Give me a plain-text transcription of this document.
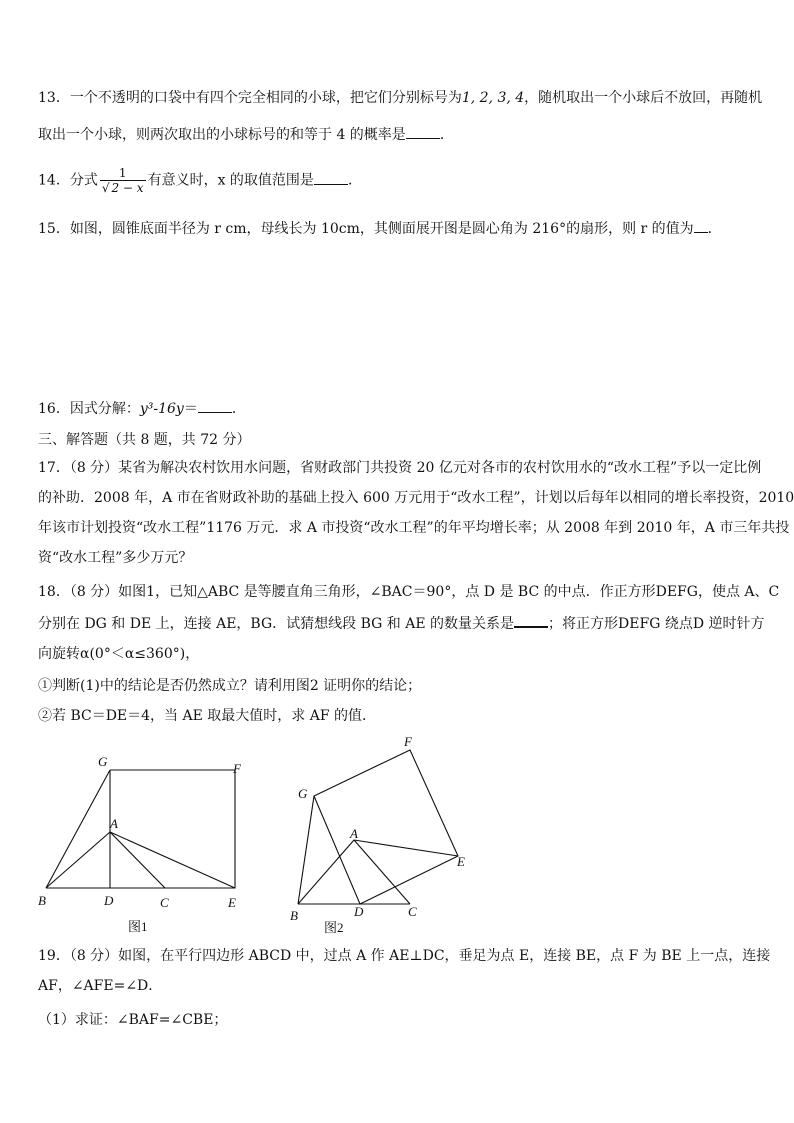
13．一个不透明的口袋中有四个完全相同的小球，把它们分别标号为1, 2, 3, 4，随机取出一个小球后不放回，再随机
取出一个小球，则两次取出的小球标号的和等于 4 的概率是 ．
14．分式 $\frac{1}{√ 2 - x}$ 有意义时，x 的取值范围是 ．
15．如图，圆锥底面半径为 r cm，母线长为 10cm，其侧面展开图是圆心角为 216°的扇形，则 r 的值为 ．
16．因式分解：y³-16y＝ ．
三、解答题（共 8 题，共 72 分）
17．（8 分）某省为解决农村饮用水问题，省财政部门共投资 20 亿元对各市的农村饮用水的“改水工程”予以一定比例
的补助．2008 年，A 市在省财政补助的基础上投入 600 万元用于“改水工程”，计划以后每年以相同的增长率投资，2010
年该市计划投资“改水工程”1176 万元．求 A 市投资“改水工程”的年平均增长率；从 2008 年到 2010 年，A 市三年共投
资“改水工程”多少万元？
18．（8 分）如图1，已知△ABC 是等腰直角三角形，∠BAC＝90°，点 D 是 BC 的中点．作正方形DEFG，使点 A、C
分别在 DG 和 DE 上，连接 AE，BG．试猜想线段 BG 和 AE 的数量关系是 ；将正方形DEFG 绕点D 逆时针方
向旋转α(0°＜α≤360°)，
①判断(1)中的结论是否仍然成立？请利用图2 证明你的结论；
②若 BC＝DE＝4，当 AE 取最大值时，求 AF 的值．
G	F
A
B	D	C	E
图1
F
G
A
E
B	D	C
图2
19．（8 分）如图，在平行四边形 ABCD 中，过点 A 作 AE⊥DC，垂足为点 E，连接 BE，点 F 为 BE 上一点，连接
AF，∠AFE=∠D．
（1）求证：∠BAF=∠CBE；
